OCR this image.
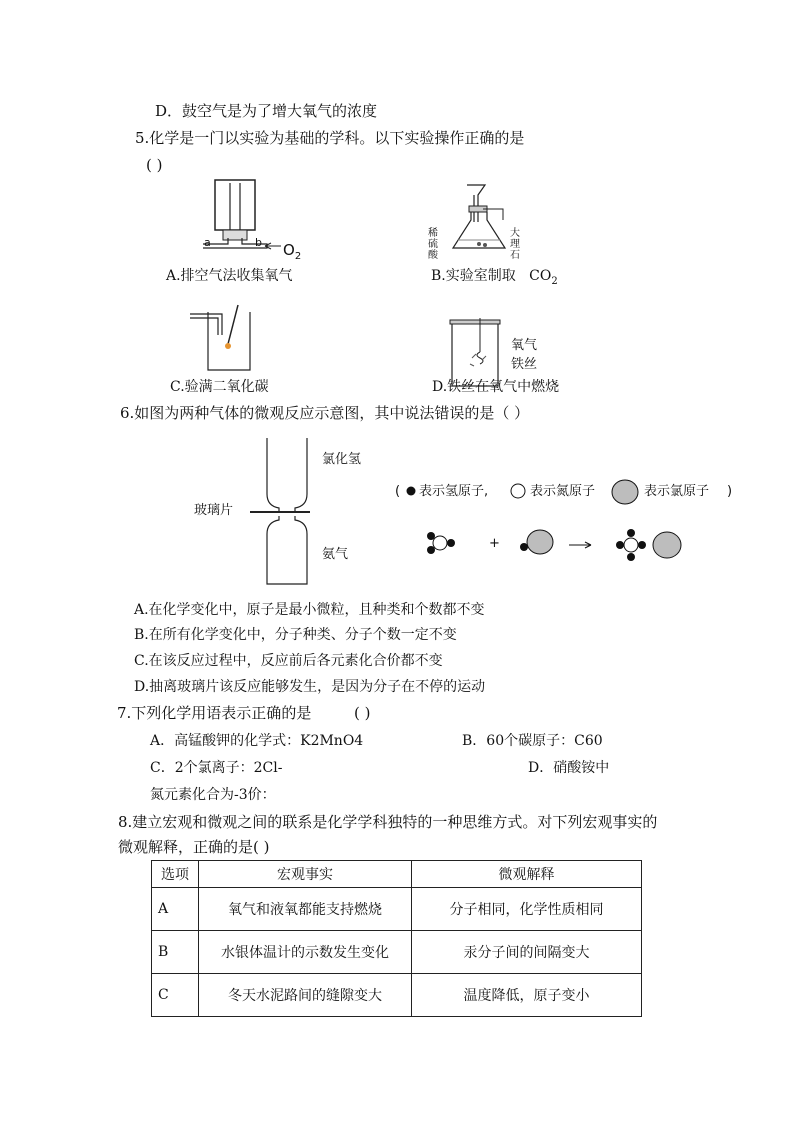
D．鼓空气是为了增大氧气的浓度
5.化学是一门以实验为基础的学科。以下实验操作正确的是
( )
a	b $O_2$
A.排空气法收集氧气
稀
硫
酸
大
理
石
B.实验室制取 $CO_2$
C.验满二氧化碳
氧气
铁丝
D.铁丝在氧气中燃烧
6.如图为两种气体的微观反应示意图，其中说法错误的是（ ）
氯化氢
玻璃片
氨气
( 表示氢原子,	表示氮原子	表示氯原子 )
+
A.在化学变化中，原子是最小微粒，且种类和个数都不变
B.在所有化学变化中，分子种类、分子个数一定不变
C.在该反应过程中，反应前后各元素化合价都不变
D.抽离玻璃片该反应能够发生，是因为分子在不停的运动
7.下列化学用语表示正确的是	( )
A．高锰酸钾的化学式：K2MnO4	B．60个碳原子：C60
C．2个氯离子：2Cl-	D．硝酸铵中
氮元素化合为-3价：
8.建立宏观和微观之间的联系是化学学科独特的一种思维方式。对下列宏观事实的
微观解释，正确的是( )
选项	宏观事实	微观解释
A	氧气和液氧都能支持燃烧	分子相同，化学性质相同
B	水银体温计的示数发生变化	汞分子间的间隔变大
C	冬天水泥路间的缝隙变大	温度降低，原子变小
